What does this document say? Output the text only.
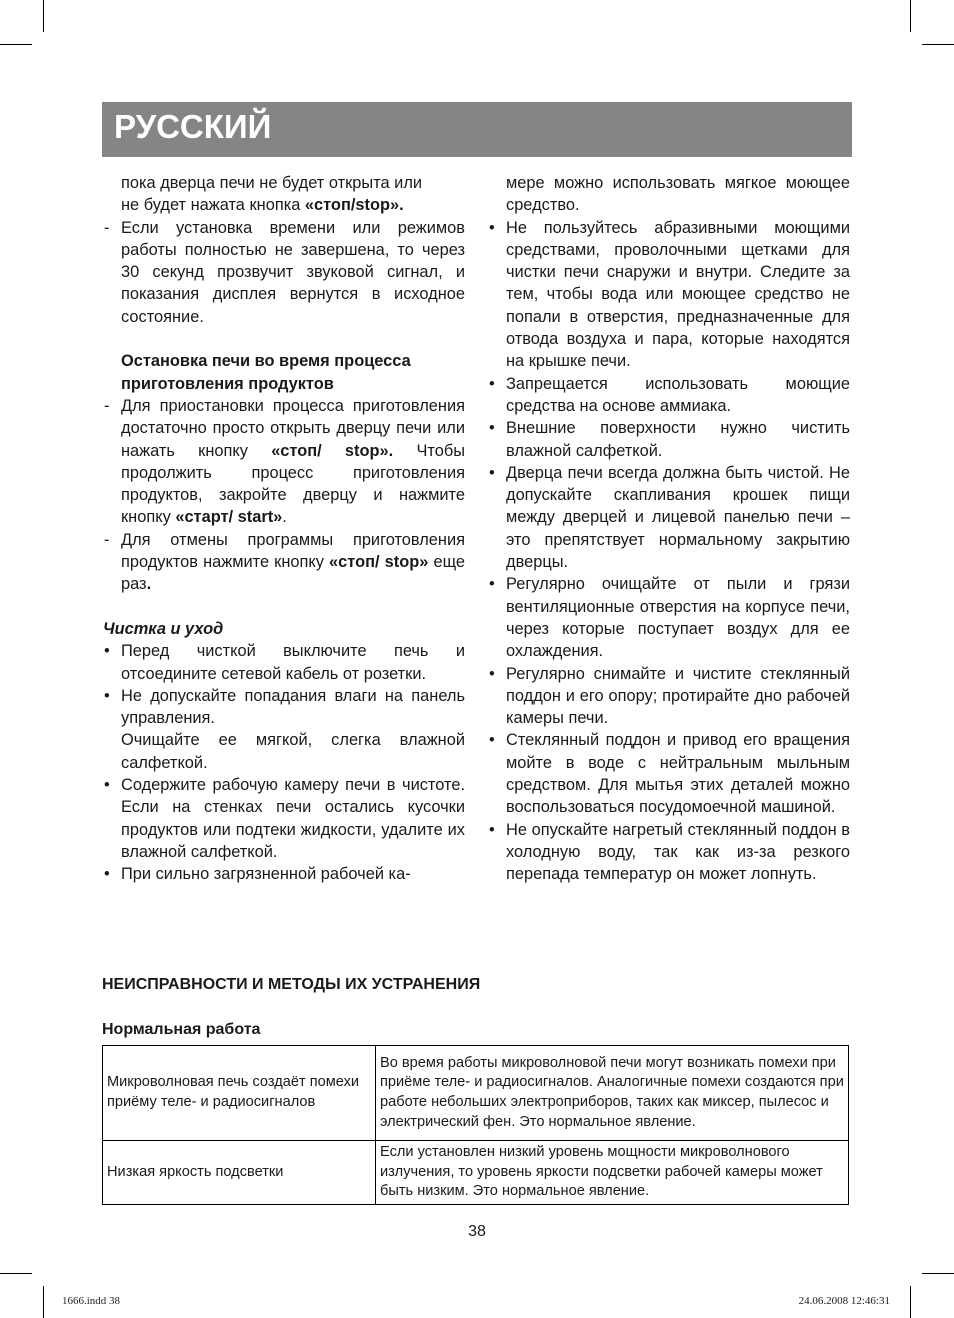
РУССКИЙ
пока дверца печи не будет открыта или
не будет нажата кнопка «стоп/stop».
- Если установка времени или режимов работы полностью не завершена, то через 30 секунд прозвучит звуковой сигнал, и показания дисплея вернутся в исходное состояние.
Остановка печи во время процесса приготовления продуктов
- Для приостановки процесса приготовления достаточно просто открыть дверцу печи или нажать кнопку «стоп/ stop». Чтобы продолжить процесс приготовления продуктов, закройте дверцу и нажмите кнопку «старт/ start».
- Для отмены программы приготовления продуктов нажмите кнопку «стоп/ stop» еще раз.
Чистка и уход
• Перед чисткой выключите печь и отсоедините сетевой кабель от розетки.
• Не допускайте попадания влаги на панель управления.
Очищайте ее мягкой, слегка влажной салфеткой.
• Содержите рабочую камеру печи в чистоте. Если на стенках печи остались кусочки продуктов или подтеки жидкости, удалите их влажной салфеткой.
• При сильно загрязненной рабочей ка-
мере можно использовать мягкое моющее средство.
• Не пользуйтесь абразивными моющими средствами, проволочными щетками для чистки печи снаружи и внутри. Следите за тем, чтобы вода или моющее средство не попали в отверстия, предназначенные для отвода воздуха и пара, которые находятся на крышке печи.
• Запрещается использовать моющие средства на основе аммиака.
• Внешние поверхности нужно чистить влажной салфеткой.
• Дверца печи всегда должна быть чистой. Не допускайте скапливания крошек пищи между дверцей и лицевой панелью печи – это препятствует нормальному закрытию дверцы.
• Регулярно очищайте от пыли и грязи вентиляционные отверстия на корпусе печи, через которые поступает воздух для ее охлаждения.
• Регулярно снимайте и чистите стеклянный поддон и его опору; протирайте дно рабочей камеры печи.
• Стеклянный поддон и привод его вращения мойте в воде с нейтральным мыльным средством. Для мытья этих деталей можно воспользоваться посудомоечной машиной.
• Не опускайте нагретый стеклянный поддон в холодную воду, так как из-за резкого перепада температур он может лопнуть.
НЕИСПРАВНОСТИ И МЕТОДЫ ИХ УСТРАНЕНИЯ
Нормальная работа
Микроволновая печь создаёт помехи приёму теле- и радиосигналов	Во время работы микроволновой печи могут возникать помехи при приёме теле- и радиосигналов. Аналогичные помехи создаются при работе небольших электроприборов, таких как миксер, пылесос и электрический фен. Это нормальное явление.
Низкая яркость подсветки	Если установлен низкий уровень мощности микроволнового излучения, то уровень яркости подсветки рабочей камеры может быть низким. Это нормальное явление.
38
1666.indd 38	24.06.2008 12:46:31
